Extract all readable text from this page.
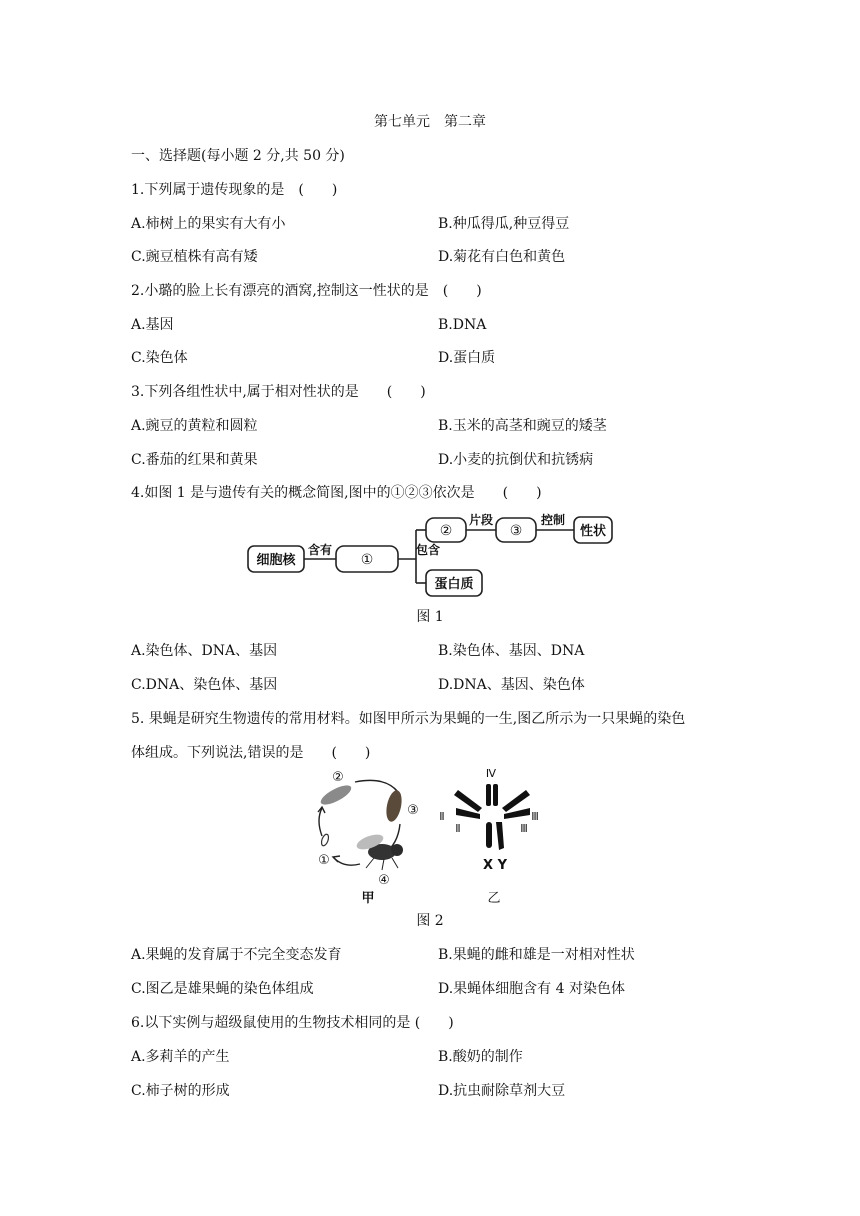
第七单元　第二章
一、选择题(每小题 2 分,共 50 分)
1.下列属于遗传现象的是　(　　)
A.柿树上的果实有大有小	B.种瓜得瓜,种豆得豆
C.豌豆植株有高有矮	D.菊花有白色和黄色
2.小璐的脸上长有漂亮的酒窝,控制这一性状的是　(　　)
A.基因	B.DNA
C.染色体	D.蛋白质
3.下列各组性状中,属于相对性状的是　　(　　)
A.豌豆的黄粒和圆粒	B.玉米的高茎和豌豆的矮茎
C.番茄的红果和黄果	D.小麦的抗倒伏和抗锈病
4.如图 1 是与遗传有关的概念简图,图中的①②③依次是　　(　　)
细胞核	①
②	③	性状
蛋白质
含有	包含
片段	控制
图 1
A.染色体、DNA、基因	B.染色体、基因、DNA
C.DNA、染色体、基因	D.DNA、基因、染色体
5. 果蝇是研究生物遗传的常用材料。如图甲所示为果蝇的一生,图乙所示为一只果蝇的染色
体组成。下列说法,错误的是　　(　　)
②
③
①
④
甲
Ⅳ
Ⅱ
Ⅱ
Ⅲ
Ⅲ
X Y
乙
图 2
A.果蝇的发育属于不完全变态发育	B.果蝇的雌和雄是一对相对性状
C.图乙是雄果蝇的染色体组成	D.果蝇体细胞含有 4 对染色体
6.以下实例与超级鼠使用的生物技术相同的是 (　　)
A.多莉羊的产生	B.酸奶的制作
C.柿子树的形成	D.抗虫耐除草剂大豆
